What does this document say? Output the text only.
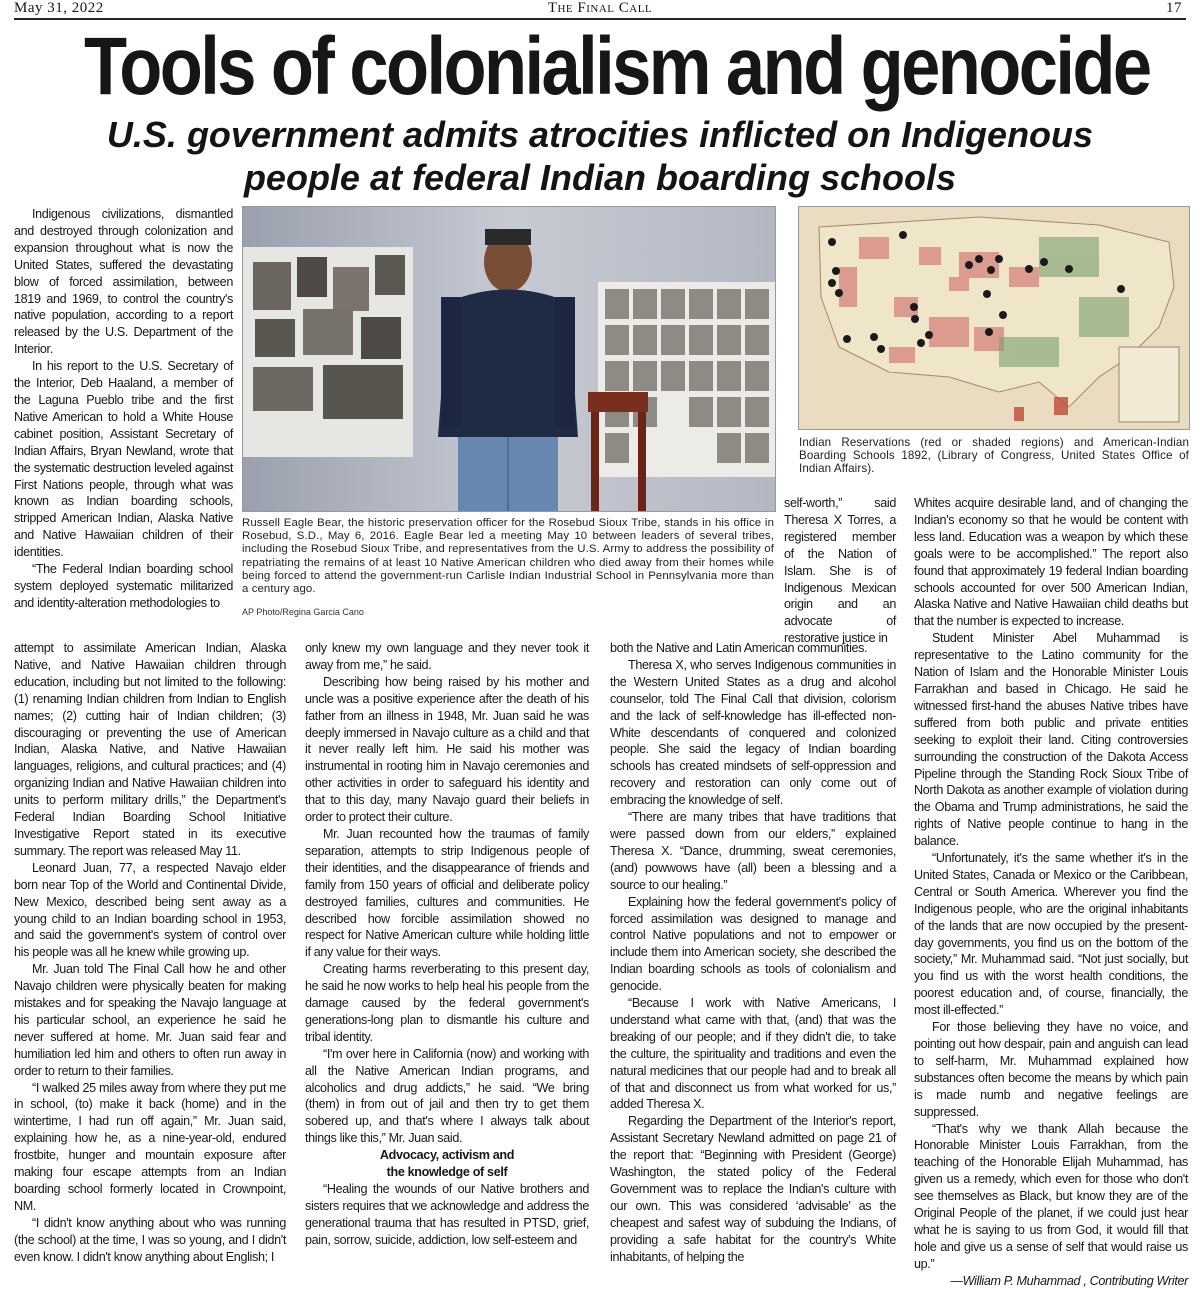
May 31, 2022	The Final Call	17
Tools of colonialism and genocide
U.S. government admits atrocities inflicted on Indigenous
people at federal Indian boarding schools
Indian Reservations (red or shaded regions) and American-Indian Boarding Schools 1892, (Library of Congress, United States Office of Indian Affairs).
Russell Eagle Bear, the historic preservation officer for the Rosebud Sioux Tribe, stands in his office in Rosebud, S.D., May 6, 2016. Eagle Bear led a meeting May 10 between leaders of several tribes, including the Rosebud Sioux Tribe, and representatives from the U.S. Army to address the possibility of repatriating the remains of at least 10 Native American children who died away from their homes while being forced to attend the government-run Carlisle Indian Industrial School in Pennsylvania more than a century ago.
AP Photo/Regina Garcia Cano

Indigenous civilizations, dismantled and destroyed through colonization and expansion throughout what is now the United States, suffered the devastating blow of forced assimilation, between 1819 and 1969, to control the country's native population, according to a report released by the U.S. Department of the Interior.

In his report to the U.S. Secretary of the Interior, Deb Haaland, a member of the Laguna Pueblo tribe and the first Native American to hold a White House cabinet position, Assistant Secretary of Indian Affairs, Bryan Newland, wrote that the systematic destruction leveled against First Nations people, through what was known as Indian boarding schools, stripped American Indian, Alaska Native and Native Hawaiian children of their identities.

“The Federal Indian boarding school system deployed systematic militarized and identity-alteration methodologies to

attempt to assimilate American Indian, Alaska Native, and Native Hawaiian children through education, including but not limited to the following: (1) renaming Indian children from Indian to English names; (2) cutting hair of Indian children; (3) discouraging or preventing the use of American Indian, Alaska Native, and Native Hawaiian languages, religions, and cultural practices; and (4) organizing Indian and Native Hawaiian children into units to perform military drills,” the Department's Federal Indian Boarding School Initiative Investigative Report stated in its executive summary. The report was released May 11.

Leonard Juan, 77, a respected Navajo elder born near Top of the World and Continental Divide, New Mexico, described being sent away as a young child to an Indian boarding school in 1953, and said the government's system of control over his people was all he knew while growing up.

Mr. Juan told The Final Call how he and other Navajo children were physically beaten for making mistakes and for speaking the Navajo language at his particular school, an experience he said he never suffered at home. Mr. Juan said fear and humiliation led him and others to often run away in order to return to their families.

“I walked 25 miles away from where they put me in school, (to) make it back (home) and in the wintertime, I had run off again,” Mr. Juan said, explaining how he, as a nine-year-old, endured frostbite, hunger and mountain exposure after making four escape attempts from an Indian boarding school formerly located in Crownpoint, NM.

“I didn't know anything about who was running (the school) at the time, I was so young, and I didn't even know. I didn't know anything about English; I

only knew my own language and they never took it away from me,” he said.

Describing how being raised by his mother and uncle was a positive experience after the death of his father from an illness in 1948, Mr. Juan said he was deeply immersed in Navajo culture as a child and that it never really left him. He said his mother was instrumental in rooting him in Navajo ceremonies and other activities in order to safeguard his identity and that to this day, many Navajo guard their beliefs in order to protect their culture.

Mr. Juan recounted how the traumas of family separation, attempts to strip Indigenous people of their identities, and the disappearance of friends and family from 150 years of official and deliberate policy destroyed families, cultures and communities. He described how forcible assimilation showed no respect for Native American culture while holding little if any value for their ways.

Creating harms reverberating to this present day, he said he now works to help heal his people from the damage caused by the federal government's generations-long plan to dismantle his culture and tribal identity.

“I'm over here in California (now) and working with all the Native American Indian programs, and alcoholics and drug addicts,” he said. “We bring (them) in from out of jail and then try to get them sobered up, and that's where I always talk about things like this,” Mr. Juan said.

Advocacy, activism and

the knowledge of self

“Healing the wounds of our Native brothers and sisters requires that we acknowledge and address the generational trauma that has resulted in PTSD, grief, pain, sorrow, suicide, addiction, low self-esteem and

self-worth,” said Theresa X Torres, a registered member of the Nation of Islam. She is of Indigenous Mexican origin and an advocate of restorative justice in

both the Native and Latin American communities.

Theresa X, who serves Indigenous communities in the Western United States as a drug and alcohol counselor, told The Final Call that division, colorism and the lack of self-knowledge has ill-effected non-White descendants of conquered and colonized people. She said the legacy of Indian boarding schools has created mindsets of self-oppression and recovery and restoration can only come out of embracing the knowledge of self.

“There are many tribes that have traditions that were passed down from our elders,” explained Theresa X. “Dance, drumming, sweat ceremonies, (and) powwows have (all) been a blessing and a source to our healing.”

Explaining how the federal government's policy of forced assimilation was designed to manage and control Native populations and not to empower or include them into American society, she described the Indian boarding schools as tools of colonialism and genocide.

“Because I work with Native Americans, I understand what came with that, (and) that was the breaking of our people; and if they didn't die, to take the culture, the spirituality and traditions and even the natural medicines that our people had and to break all of that and disconnect us from what worked for us,” added Theresa X.

Regarding the Department of the Interior's report, Assistant Secretary Newland admitted on page 21 of the report that: “Beginning with President (George) Washington, the stated policy of the Federal Government was to replace the Indian's culture with our own. This was considered ‘advisable’ as the cheapest and safest way of subduing the Indians, of providing a safe habitat for the country's White inhabitants, of helping the

Whites acquire desirable land, and of changing the Indian's economy so that he would be content with less land. Education was a weapon by which these goals were to be accomplished.” The report also found that approximately 19 federal Indian boarding schools accounted for over 500 American Indian, Alaska Native and Native Hawaiian child deaths but that the number is expected to increase.

Student Minister Abel Muhammad is representative to the Latino community for the Nation of Islam and the Honorable Minister Louis Farrakhan and based in Chicago. He said he witnessed first-hand the abuses Native tribes have suffered from both public and private entities seeking to exploit their land. Citing controversies surrounding the construction of the Dakota Access Pipeline through the Standing Rock Sioux Tribe of North Dakota as another example of violation during the Obama and Trump administrations, he said the rights of Native people continue to hang in the balance.

“Unfortunately, it's the same whether it's in the United States, Canada or Mexico or the Caribbean, Central or South America. Wherever you find the Indigenous people, who are the original inhabitants of the lands that are now occupied by the present-day governments, you find us on the bottom of the society,” Mr. Muhammad said. “Not just socially, but you find us with the worst health conditions, the poorest education and, of course, financially, the most ill-effected.”

For those believing they have no voice, and pointing out how despair, pain and anguish can lead to self-harm, Mr. Muhammad explained how substances often become the means by which pain is made numb and negative feelings are suppressed.

“That's why we thank Allah because the Honorable Minister Louis Farrakhan, from the teaching of the Honorable Elijah Muhammad, has given us a remedy, which even for those who don't see themselves as Black, but know they are of the Original People of the planet, if we could just hear what he is saying to us from God, it would fill that hole and give us a sense of self that would raise us up.”

—William P. Muhammad , Contributing Writer
